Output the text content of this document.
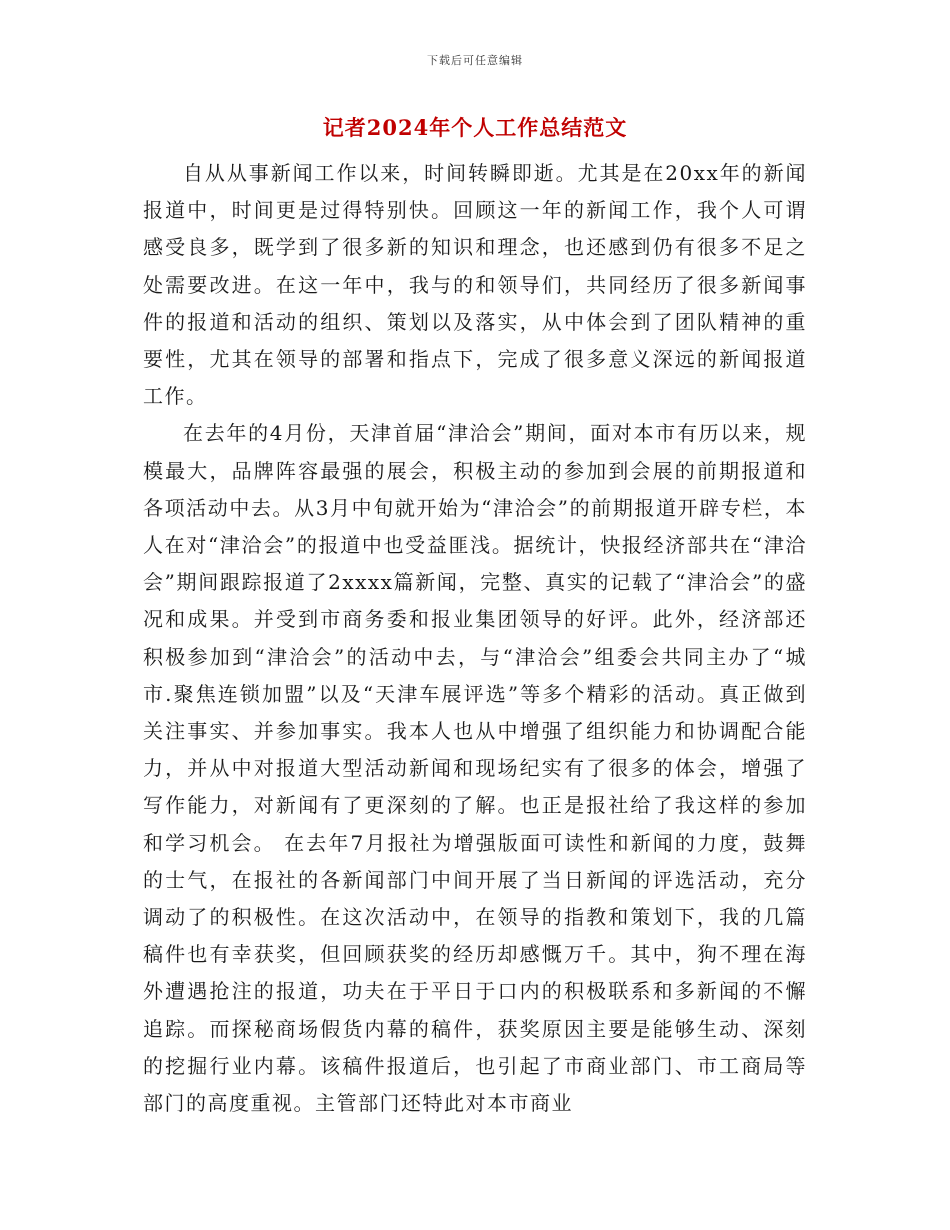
下载后可任意编辑
记者2024年个人工作总结范文

自从从事新闻工作以来，时间转瞬即逝。尤其是在20xx年的新闻报道中，时间更是过得特别快。回顾这一年的新闻工作，我个人可谓感受良多，既学到了很多新的知识和理念，也还感到仍有很多不足之处需要改进。在这一年中，我与的和领导们，共同经历了很多新闻事件的报道和活动的组织、策划以及落实，从中体会到了团队精神的重要性，尤其在领导的部署和指点下，完成了很多意义深远的新闻报道工作。

在去年的4月份，天津首届“津洽会”期间，面对本市有历以来，规模最大，品牌阵容最强的展会，积极主动的参加到会展的前期报道和各项活动中去。从3月中旬就开始为“津洽会”的前期报道开辟专栏，本人在对“津洽会”的报道中也受益匪浅。据统计，快报经济部共在“津洽会”期间跟踪报道了2xxxx篇新闻，完整、真实的记载了“津洽会”的盛况和成果。并受到市商务委和报业集团领导的好评。此外，经济部还积极参加到“津洽会”的活动中去，与“津洽会”组委会共同主办了“城市.聚焦连锁加盟”以及“天津车展评选”等多个精彩的活动。真正做到关注事实、并参加事实。我本人也从中增强了组织能力和协调配合能力，并从中对报道大型活动新闻和现场纪实有了很多的体会，增强了写作能力，对新闻有了更深刻的了解。也正是报社给了我这样的参加和学习机会。 在去年7月报社为增强版面可读性和新闻的力度，鼓舞的士气，在报社的各新闻部门中间开展了当日新闻的评选活动，充分调动了的积极性。在这次活动中，在领导的指教和策划下，我的几篇稿件也有幸获奖，但回顾获奖的经历却感慨万千。其中，狗不理在海外遭遇抢注的报道，功夫在于平日于口内的积极联系和多新闻的不懈追踪。而探秘商场假货内幕的稿件，获奖原因主要是能够生动、深刻的挖掘行业内幕。该稿件报道后，也引起了市商业部门、市工商局等部门的高度重视。主管部门还特此对本市商业
